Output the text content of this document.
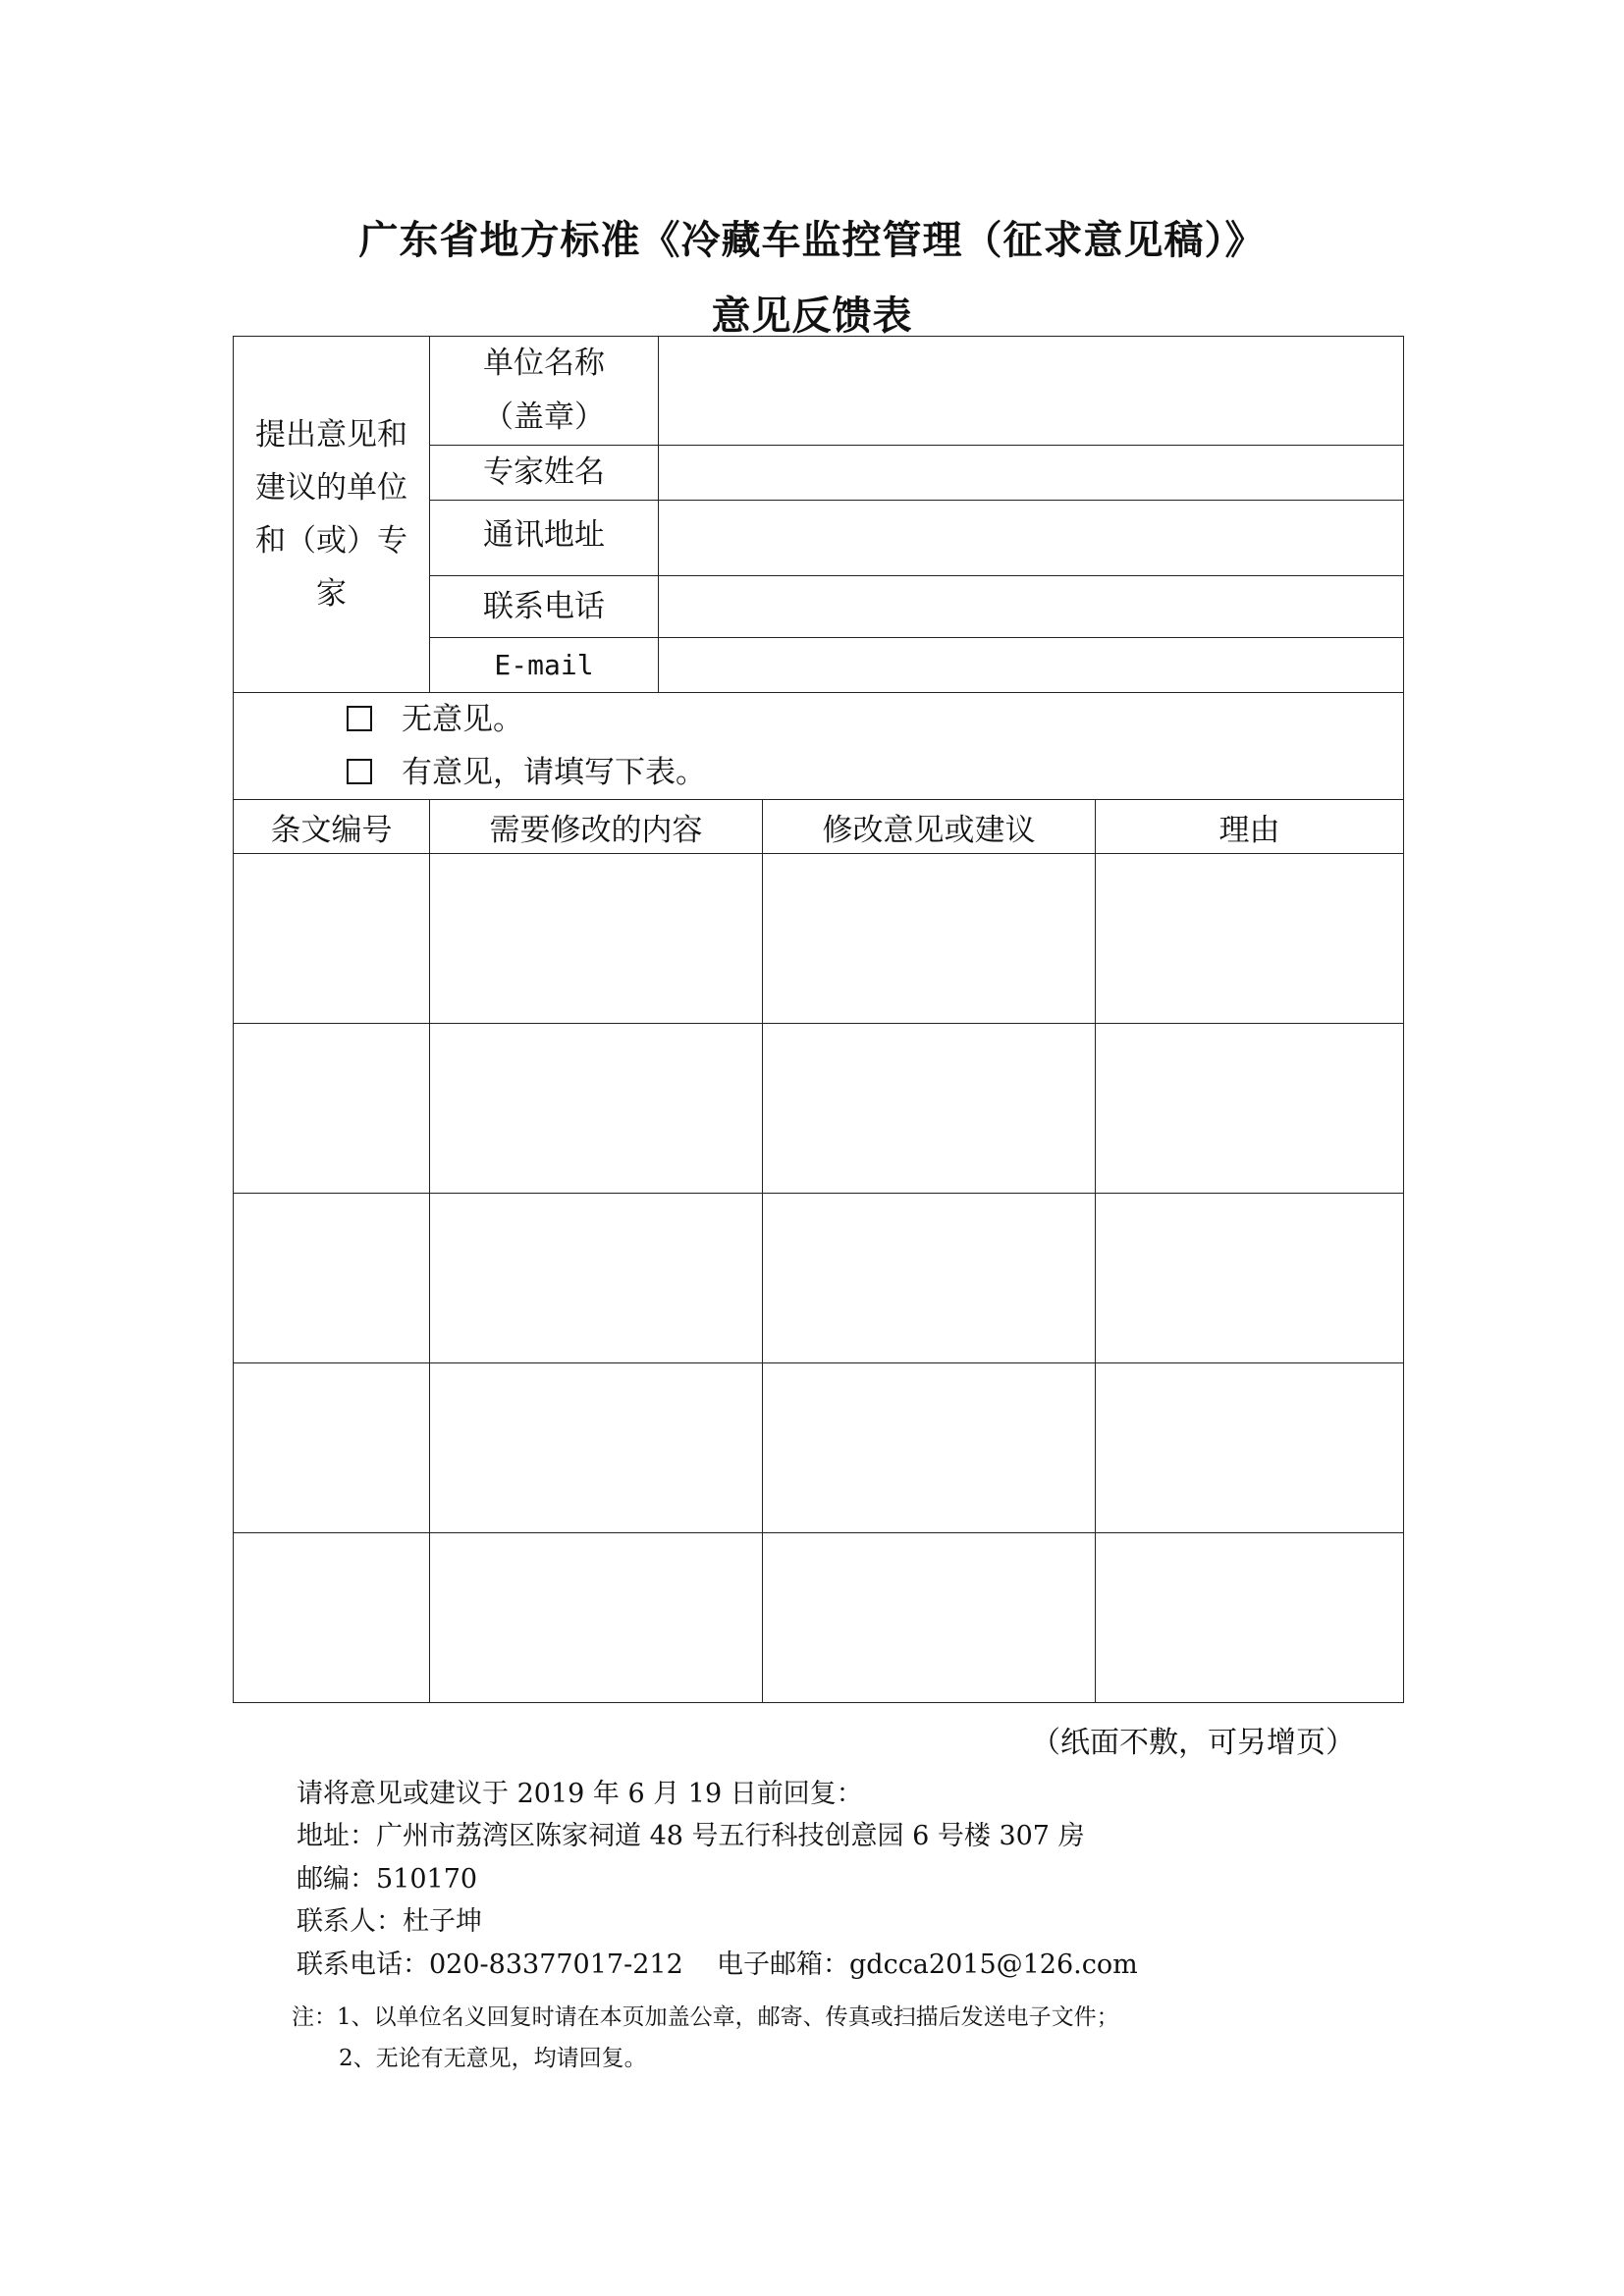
广东省地方标准《冷藏车监控管理（征求意见稿）》
意见反馈表
提出意见和
建议的单位
和（或）专
家	单位名称
（盖章）			
	专家姓名			
	通讯地址			
	联系电话			
	E-mail			

无意见。
有意见，请填写下表。				

条文编号	需要修改的内容		修改意见或建议	理由

（纸面不敷，可另增页）
请将意见或建议于 2019 年 6 月 19 日前回复：
地址：广州市荔湾区陈家祠道 48 号五行科技创意园 6 号楼 307 房
邮编：510170
联系人：杜子坤
联系电话：020-83377017-212 电子邮箱：gdcca2015@126.com
注：1、以单位名义回复时请在本页加盖公章，邮寄、传真或扫描后发送电子文件；
2、无论有无意见，均请回复。
